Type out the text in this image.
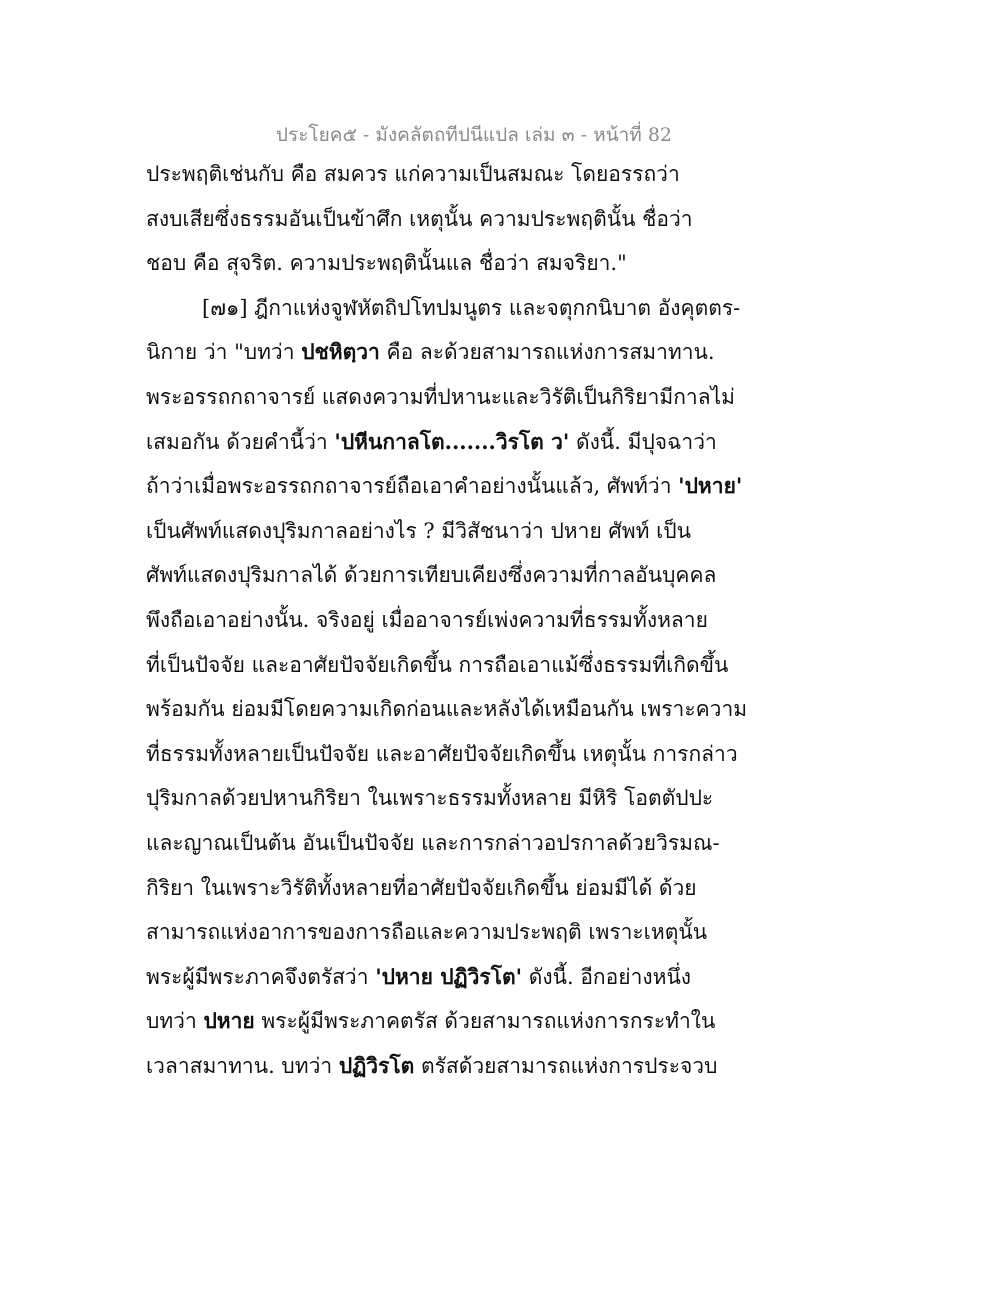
ประโยค๕ - มังคลัตถทีปนีแปล เล่ม ๓ - หน้าที่ 82
ประพฤติเช่นกับ คือ สมควร แก่ความเป็นสมณะ โดยอรรถว่า
สงบเสียซึ่งธรรมอันเป็นข้าศึก เหตุนั้น ความประพฤตินั้น ชื่อว่า
ชอบ คือ สุจริต. ความประพฤตินั้นแล ชื่อว่า สมจริยา."
[๗๑] ฎีกาแห่งจูฬหัตถิปโทปมนูตร และจตุกกนิบาต อังคุตตร-
นิกาย ว่า "บทว่า ปชหิตฺวา คือ ละด้วยสามารถแห่งการสมาทาน.
พระอรรถกถาจารย์ แสดงความที่ปหานะและวิรัติเป็นกิริยามีกาลไม่
เสมอกัน ด้วยคำนี้ว่า 'ปหีนกาลโต.......วิรโต ว' ดังนี้. มีปุจฉาว่า
ถ้าว่าเมื่อพระอรรถกถาจารย์ถือเอาคำอย่างนั้นแล้ว, ศัพท์ว่า 'ปหาย'
เป็นศัพท์แสดงปุริมกาลอย่างไร ? มีวิสัชนาว่า ปหาย ศัพท์ เป็น
ศัพท์แสดงปุริมกาลได้ ด้วยการเทียบเคียงซึ่งความที่กาลอันบุคคล
พึงถือเอาอย่างนั้น. จริงอยู่ เมื่ออาจารย์เพ่งความที่ธรรมทั้งหลาย
ที่เป็นปัจจัย และอาศัยปัจจัยเกิดขึ้น การถือเอาแม้ซึ่งธรรมที่เกิดขึ้น
พร้อมกัน ย่อมมีโดยความเกิดก่อนและหลังได้เหมือนกัน เพราะความ
ที่ธรรมทั้งหลายเป็นปัจจัย และอาศัยปัจจัยเกิดขึ้น เหตุนั้น การกล่าว
ปุริมกาลด้วยปหานกิริยา ในเพราะธรรมทั้งหลาย มีหิริ โอตตัปปะ
และญาณเป็นต้น อันเป็นปัจจัย และการกล่าวอปรกาลด้วยวิรมณ-
กิริยา ในเพราะวิรัติทั้งหลายที่อาศัยปัจจัยเกิดขึ้น ย่อมมีได้ ด้วย
สามารถแห่งอาการของการถือและความประพฤติ เพราะเหตุนั้น
พระผู้มีพระภาคจึงตรัสว่า 'ปหาย ปฏิวิรโต' ดังนี้. อีกอย่างหนึ่ง
บทว่า ปหาย พระผู้มีพระภาคตรัส ด้วยสามารถแห่งการกระทำใน
เวลาสมาทาน. บทว่า ปฏิวิรโต ตรัสด้วยสามารถแห่งการประจวบ
